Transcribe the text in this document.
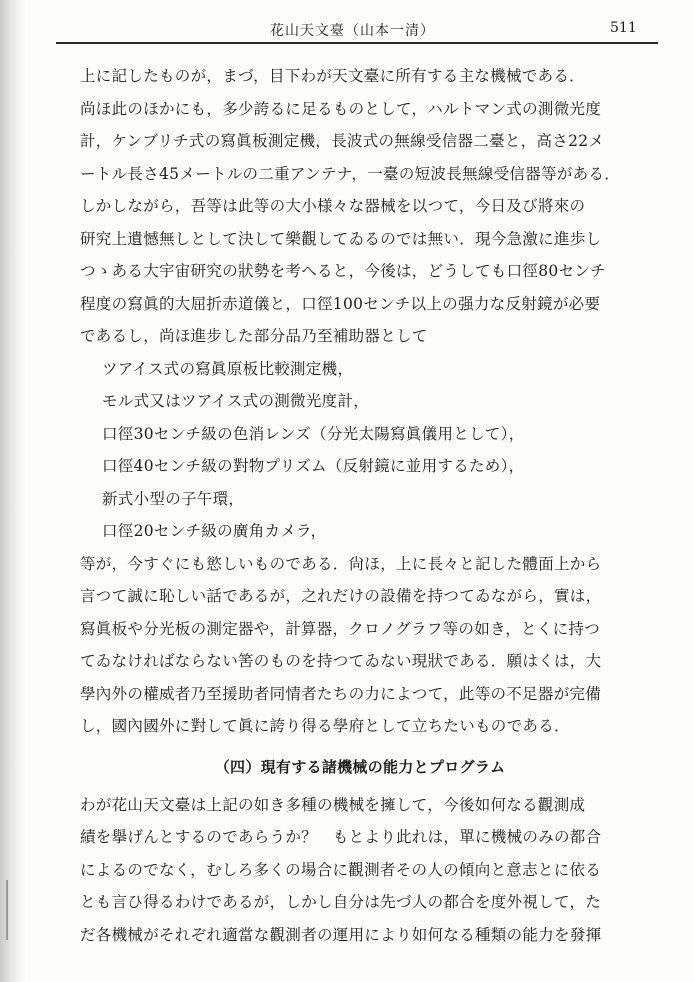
花山天文臺（山本一清）	511
上に記したものが，まづ，目下わが天文臺に所有する主な機械である．
尚ほ此のほかにも，多少誇るに足るものとして，ハルトマン式の測微光度
計，ケンブリチ式の寫眞板測定機，長波式の無線受信器二臺と，高さ22メ
ートル長さ45メートルの二重アンテナ，一臺の短波長無線受信器等がある．
しかしながら，吾等は此等の大小様々な器械を以つて，今日及び將來の
研究上遺憾無しとして決して樂觀してゐるのでは無い．現今急激に進歩し
つゝある大宇宙研究の狀勢を考へると，今後は，どうしても口徑80センチ
程度の寫眞的大屈折赤道儀と，口徑100センチ以上の强力な反射鏡が必要
であるし，尚ほ進步した部分品乃至補助器として
ツアイス式の寫眞原板比較測定機，
モル式又はツアイス式の測微光度計，
口徑30センチ級の色消レンズ（分光太陽寫眞儀用として），
口徑40センチ級の對物プリズム（反射鏡に並用するため），
新式小型の子午環，
口徑20センチ級の廣角カメラ，
等が，今すぐにも慾しいものである．尙ほ，上に長々と記した體面上から
言つて誠に恥しい話であるが，之れだけの設備を持つてゐながら，實は，
寫眞板や分光板の測定器や，計算器，クロノグラフ等の如き，とくに持つ
てゐなければならない筈のものを持つてゐない現狀である．願はくは，大
學內外の權威者乃至援助者同情者たちの力によつて，此等の不足器が完備
し，國內國外に對して眞に誇り得る學府として立ちたいものである．
（四）現有する諸機械の能力とプログラム
わが花山天文臺は上記の如き多種の機械を擁して，今後如何なる觀測成
績を擧げんとするのであらうか？　もとより此れは，單に機械のみの都合
によるのでなく，むしろ多くの場合に觀測者その人の傾向と意志とに依る
とも言ひ得るわけであるが，しかし自分は先づ人の都合を度外視して，た
だ各機械がそれぞれ適當な觀測者の運用により如何なる種類の能力を發揮
